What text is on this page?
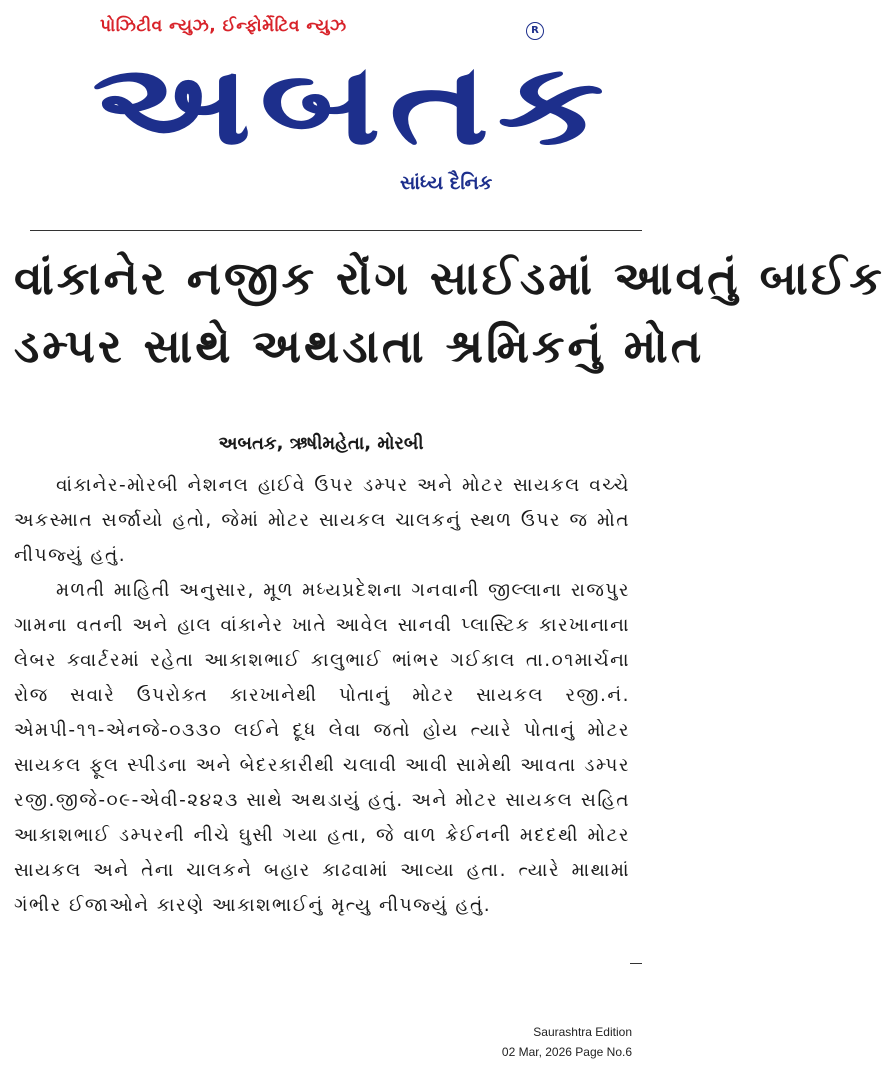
પોઝિટીવ ન્યુઝ, ઈન્ફોર્મેટિવ ન્યુઝ	R
અબતક
સાંધ્ય દૈનિક
વાંકાનેર નજીક રોંગ સાઈડમાં આવતું બાઈક
ડમ્પર સાથે અથડાતા શ્રમિકનું મોત
અબતક, ઋષીમહેતા, મોરબી

વાંકાનેર-મોરબી નેશનલ હાઈવે ઉપર ડમ્પર અને મોટર સાયકલ વચ્ચે અકસ્માત સર્જાયો હતો, જેમાં મોટર સાયકલ ચાલકનું સ્થળ ઉપર જ મોત નીપજ્યું હતું.

મળતી માહિતી અનુસાર, મૂળ મધ્યપ્રદેશના ગનવાની જીલ્લાના રાજપુર ગામના વતની અને હાલ વાંકાનેર ખાતે આવેલ સાનવી પ્લાસ્ટિક કારખાનાના લેબર ક્વાર્ટરમાં રહેતા આકાશભાઈ કાલુભાઈ ભાંભર ગઈકાલ તા.૦૧માર્ચના રોજ સવારે ઉપરોક્ત કારખાનેથી પોતાનું મોટર સાયકલ રજી.નં. એમપી-૧૧-એનજે-૦૩૩૦ લઈને દૂધ લેવા જતો હોય ત્યારે પોતાનું મોટર સાયકલ ફૂલ સ્પીડના અને બેદરકારીથી ચલાવી આવી સામેથી આવતા ડમ્પર રજી.જીજે-૦૯-એવી-૨૪૨૩ સાથે અથડાયું હતું. અને મોટર સાયકલ સહિત આકાશભાઈ ડમ્પરની નીચે ઘુસી ગયા હતા, જે વાળ ક્રેઈનની મદદથી મોટર સાયકલ અને તેના ચાલકને બહાર કાઢવામાં આવ્યા હતા. ત્યારે માથામાં ગંભીર ઈજાઓને કારણે આકાશભાઈનું મૃત્યુ નીપજ્યું હતું.

Saurashtra Edition
02 Mar, 2026 Page No.6
